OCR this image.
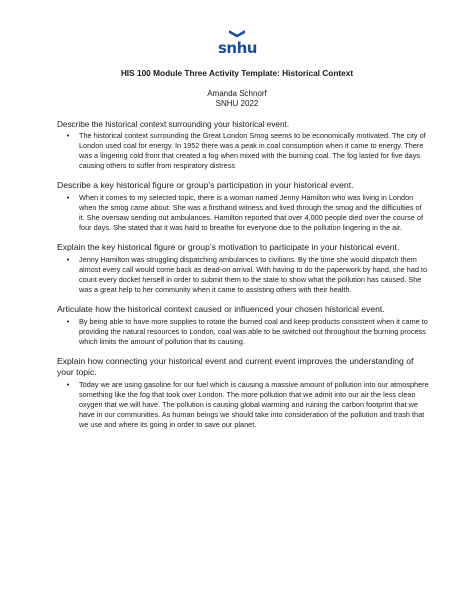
snhu
HIS 100 Module Three Activity Template: Historical Context
Amanda Schnorf
SNHU 2022

Describe the historical context surrounding your historical event.

•	The historical context surrounding the Great London Smog seems to be economically motivated. The city of London used coal for energy. In 1952 there was a peak in coal consumption when it came to energy. There was a lingering cold front that created a fog when mixed with the burning coal. The fog lasted for five days causing others to suffer from respiratory distress

Describe a key historical figure or group’s participation in your historical event.

•	When it comes to my selected topic, there is a woman named Jenny Hamilton who was living in London when the smog came about. She was a firsthand witness and lived through the smog and the difficulties of it. She oversaw sending out ambulances. Hamilton reported that over 4,000 people died over the course of four days. She stated that it was hard to breathe for everyone due to the pollution lingering in the air.

Explain the key historical figure or group’s motivation to participate in your historical event.

•	Jenny Hamilton was struggling dispatching ambulances to civilians. By the time she would dispatch them almost every call would come back as dead-on arrival. With having to do the paperwork by hand, she had to count every docket herself in order to submit them to the state to show what the pollution has caused. She was a great help to her community when it came to assisting others with their health.

Articulate how the historical context caused or influenced your chosen historical event.

•	By being able to have more supplies to rotate the burned coal and keep products consistent when it came to providing the natural resources to London, coal was able to be switched out throughout the burning process which limits the amount of pollution that its causing.

Explain how connecting your historical event and current event improves the understanding of your topic.

•	Today we are using gasoline for our fuel which is causing a massive amount of pollution into our atmosphere something like the fog that took over London. The more pollution that we admit into our air the less clean oxygen that we will have. The pollution is causing global warming and ruining the carbon footprint that we have in our communities. As human beings we should take into consideration of the pollution and trash that we use and where its going in order to save our planet.
